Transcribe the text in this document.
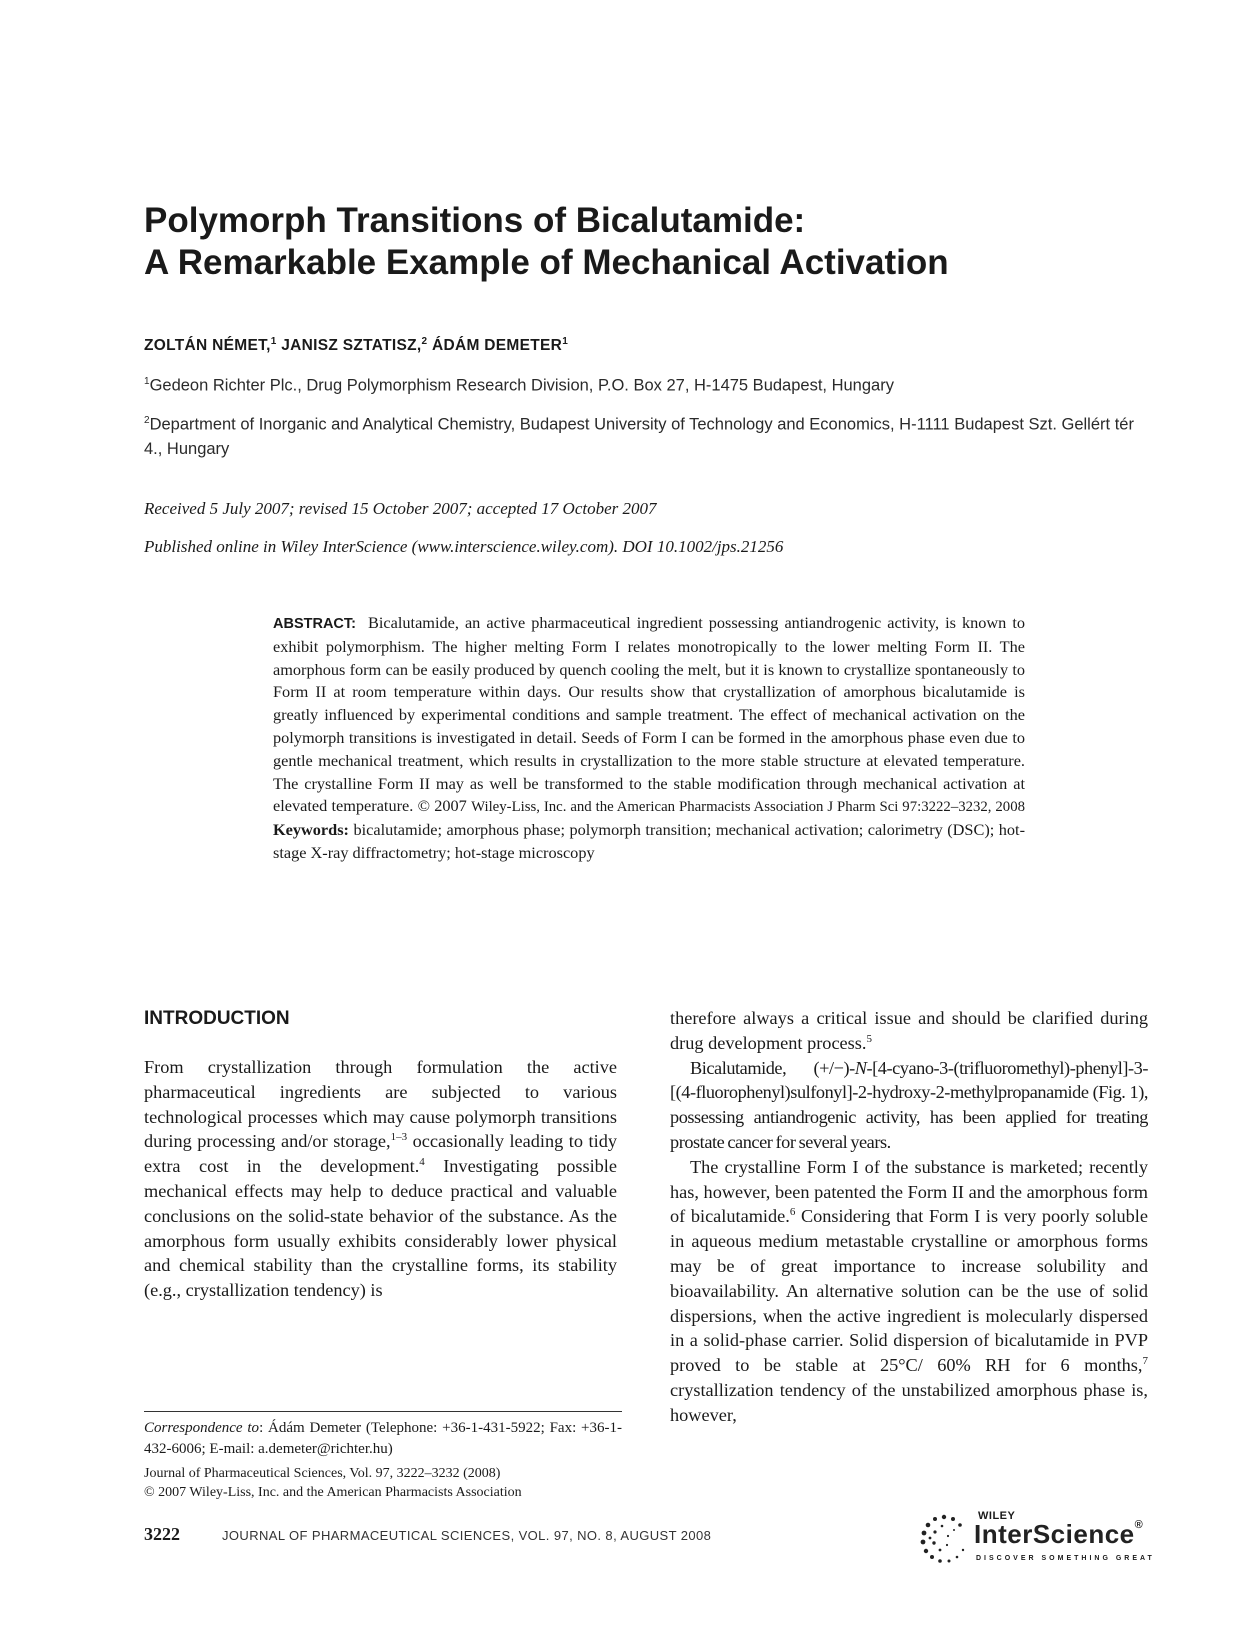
Polymorph Transitions of Bicalutamide:
A Remarkable Example of Mechanical Activation
ZOLTÁN NÉMET,$^1$ JANISZ SZTATISZ,$^2$ ÁDÁM DEMETER$^1$
$^1$Gedeon Richter Plc., Drug Polymorphism Research Division, P.O. Box 27, H-1475 Budapest, Hungary
$^2$Department of Inorganic and Analytical Chemistry, Budapest University of Technology and Economics, H-1111 Budapest Szt. Gellért tér 4., Hungary
Received 5 July 2007; revised 15 October 2007; accepted 17 October 2007
Published online in Wiley InterScience (www.interscience.wiley.com). DOI 10.1002/jps.21256
ABSTRACT: Bicalutamide, an active pharmaceutical ingredient possessing antiandrogenic activity, is known to exhibit polymorphism. The higher melting Form I relates monotropically to the lower melting Form II. The amorphous form can be easily produced by quench cooling the melt, but it is known to crystallize spontaneously to Form II at room temperature within days. Our results show that crystallization of amorphous bicalutamide is greatly influenced by experimental conditions and sample treatment. The effect of mechanical activation on the polymorph transitions is investigated in detail. Seeds of Form I can be formed in the amorphous phase even due to gentle mechanical treatment, which results in crystallization to the more stable structure at elevated temperature. The crystalline Form II may as well be transformed to the stable modification through mechanical activation at elevated temperature. © 2007 Wiley-Liss, Inc. and the American Pharmacists Association J Pharm Sci 97:3222–3232, 2008 Keywords: bicalutamide; amorphous phase; polymorph transition; mechanical activation; calorimetry (DSC); hot-stage X-ray diffractometry; hot-stage microscopy
INTRODUCTION

From crystallization through formulation the active pharmaceutical ingredients are subjected to various technological processes which may cause polymorph transitions during processing and/or storage,$^{1-3}$ occasionally leading to tidy extra cost in the development.$^4$ Investigating possible mechanical effects may help to deduce practical and valuable conclusions on the solid-state behavior of the substance. As the amorphous form usually exhibits considerably lower physical and chemical stability than the crystalline forms, its stability (e.g., crystallization tendency) is

therefore always a critical issue and should be clarified during drug development process.$^5$

Bicalutamide, (+/−)-N-[4-cyano-3-(trifluoromethyl)-phenyl]-3-[(4-fluorophenyl)sulfonyl]-2-hydroxy-2-methylpropanamide (Fig. 1), possessing antiandrogenic activity, has been applied for treating prostate cancer for several years.

The crystalline Form I of the substance is marketed; recently has, however, been patented the Form II and the amorphous form of bicalutamide.$^6$ Considering that Form I is very poorly soluble in aqueous medium metastable crystalline or amorphous forms may be of great importance to increase solubility and bioavailability. An alternative solution can be the use of solid dispersions, when the active ingredient is molecularly dispersed in a solid-phase carrier. Solid dispersion of bicalutamide in PVP proved to be stable at 25°C/ 60% RH for 6 months,$^7$ crystallization tendency of the unstabilized amorphous phase is, however,

Correspondence to: Ádám Demeter (Telephone: +36-1-431-5922; Fax: +36-1-432-6006; E-mail: a.demeter@richter.hu)
Journal of Pharmaceutical Sciences, Vol. 97, 3222–3232 (2008)
© 2007 Wiley-Liss, Inc. and the American Pharmacists Association
3222	JOURNAL OF PHARMACEUTICAL SCIENCES, VOL. 97, NO. 8, AUGUST 2008
WILEY
InterScience®
DISCOVER SOMETHING GREAT
